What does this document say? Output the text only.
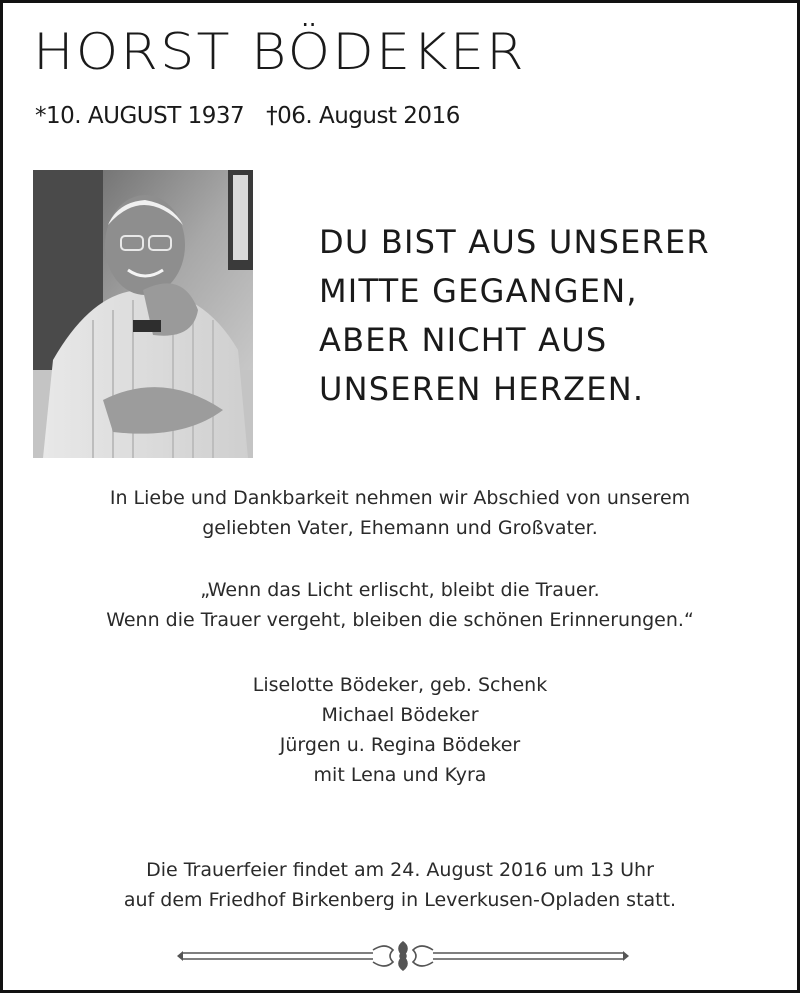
HORST BÖDEKER
*10. AUGUST 1937 †06. August 2016
DU BIST AUS UNSERER
MITTE GEGANGEN,
ABER NICHT AUS
UNSEREN HERZEN.
In Liebe und Dankbarkeit nehmen wir Abschied von unserem
geliebten Vater, Ehemann und Großvater.
„Wenn das Licht erlischt, bleibt die Trauer.
Wenn die Trauer vergeht, bleiben die schönen Erinnerungen.“
Liselotte Bödeker, geb. Schenk
Michael Bödeker
Jürgen u. Regina Bödeker
mit Lena und Kyra
Die Trauerfeier findet am 24. August 2016 um 13 Uhr
auf dem Friedhof Birkenberg in Leverkusen-Opladen statt.
